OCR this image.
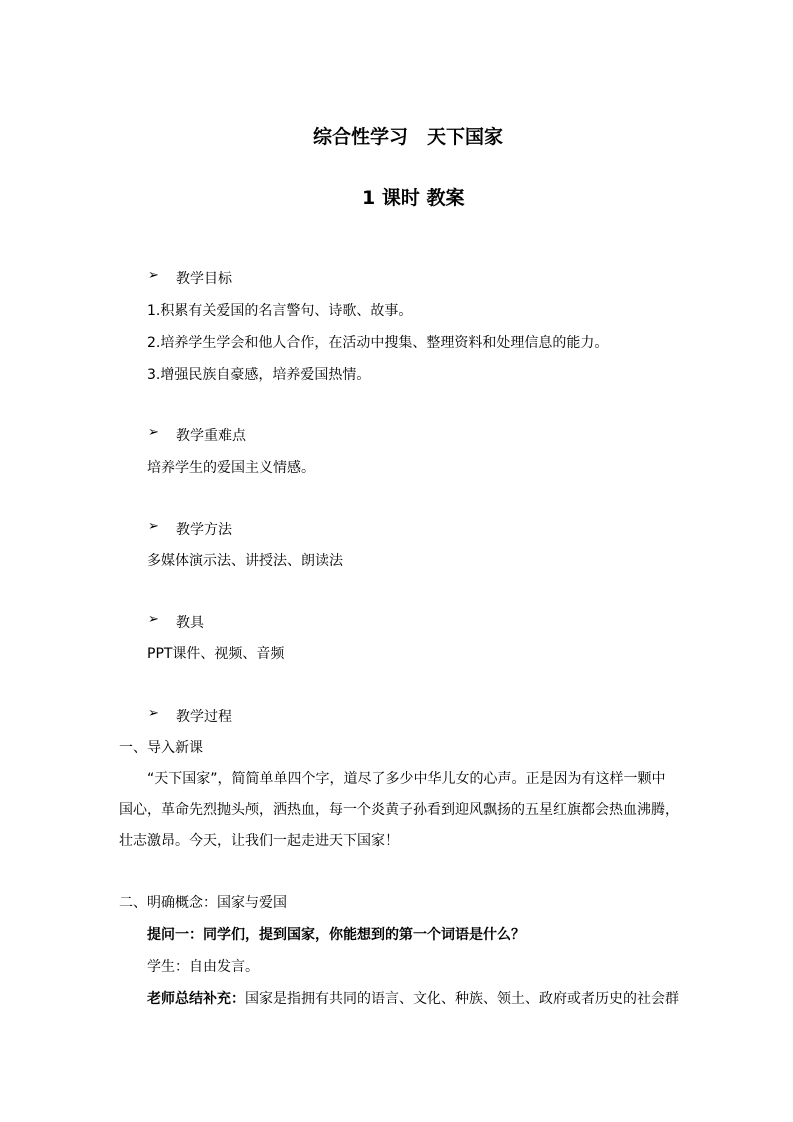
综合性学习　天下国家
1 课时 教案
➢ 教学目标
1.积累有关爱国的名言警句、诗歌、故事。
2.培养学生学会和他人合作，在活动中搜集、整理资料和处理信息的能力。
3.增强民族自豪感，培养爱国热情。
➢ 教学重难点
培养学生的爱国主义情感。
➢ 教学方法
多媒体演示法、讲授法、朗读法
➢ 教具
PPT课件、视频、音频
➢ 教学过程
一、导入新课
“天下国家”，简简单单四个字，道尽了多少中华儿女的心声。正是因为有这样一颗中
国心，革命先烈抛头颅，洒热血，每一个炎黄子孙看到迎风飘扬的五星红旗都会热血沸腾，
壮志激昂。今天，让我们一起走进天下国家！
二、明确概念：国家与爱国
提问一：同学们，提到国家，你能想到的第一个词语是什么？
学生：自由发言。
老师总结补充：国家是指拥有共同的语言、文化、种族、领土、政府或者历史的社会群
